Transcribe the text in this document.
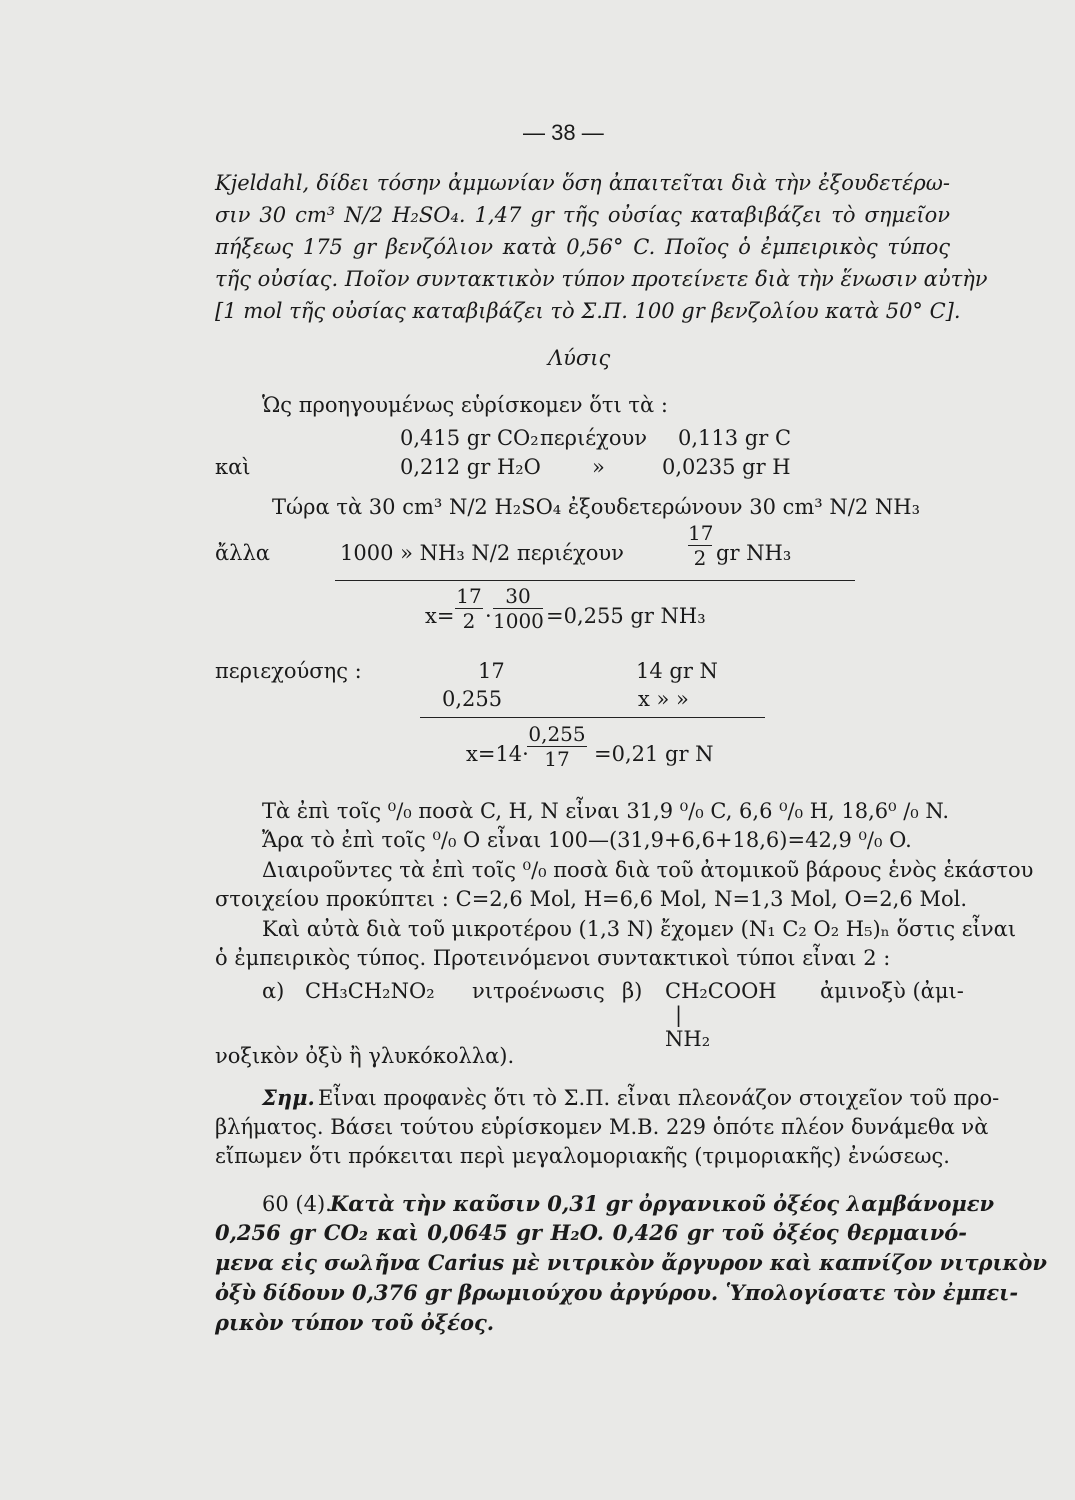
— 38 —
Kjeldahl, δίδει τόσην ἀμμωνίαν ὅση ἀπαιτεῖται διὰ τὴν ἐξουδετέρω-
σιν 30 cm³ N/2 H₂SO₄. 1,47 gr τῆς οὐσίας καταβιβάζει τὸ σημεῖον
πήξεως 175 gr βενζόλιον κατὰ 0,56° C. Ποῖος ὁ ἐμπειρικὸς τύπος
τῆς οὐσίας. Ποῖον συντακτικὸν τύπον προτείνετε διὰ τὴν ἕνωσιν αὐτὴν
[1 mol τῆς οὐσίας καταβιβάζει τὸ Σ.Π. 100 gr βενζολίου κατὰ 50° C].
Λύσις
Ὡς προηγουμένως εὑρίσκομεν ὅτι τὰ :
0,415 gr CO₂ περιέχουν 0,113 gr C
καὶ	0,212 gr H₂O »	0,0235 gr H
Τώρα τὰ 30 cm³ N/2 H₂SO₄ ἐξουδετερώνουν 30 cm³ N/2 NH₃
ἄλλα	1000 » NH₃ N/2 περιέχουν
17
2 gr NH₃
x=
17
2 ·
30
1000 =0,255 gr NH₃
περιεχούσης :	17	14 gr N
0,255	x » »
x=14·
0,255
17	=0,21 gr N
Τὰ ἐπὶ τοῖς ⁰/₀ ποσὰ C, H, N εἶναι 31,9 ⁰/₀ C, 6,6 ⁰/₀ H, 18,6⁰ /₀ N.
Ἄρα τὸ ἐπὶ τοῖς ⁰/₀ O εἶναι 100—(31,9+6,6+18,6)=42,9 ⁰/₀ O.
Διαιροῦντες τὰ ἐπὶ τοῖς ⁰/₀ ποσὰ διὰ τοῦ ἀτομικοῦ βάρους ἑνὸς ἑκάστου
στοιχείου προκύπτει : C=2,6 Mol, H=6,6 Mol, N=1,3 Mol, O=2,6 Mol.
Καὶ αὐτὰ διὰ τοῦ μικροτέρου (1,3 N) ἔχομεν (N₁ C₂ O₂ H₅)ₙ ὅστις εἶναι
ὁ ἐμπειρικὸς τύπος. Προτεινόμενοι συντακτικοὶ τύποι εἶναι 2 :
α) CH₃CH₂NO₂ νιτροένωσις β) CH₂COOH ἀμινοξὺ (ἀμι-
|
NH₂
νοξικὸν ὀξὺ ἢ γλυκόκολλα).
Σημ. Εἶναι προφανὲς ὅτι τὸ Σ.Π. εἶναι πλεονάζον στοιχεῖον τοῦ προ-
βλήματος. Βάσει τούτου εὑρίσκομεν Μ.Β. 229 ὁπότε πλέον δυνάμεθα νὰ
εἴπωμεν ὅτι πρόκειται περὶ μεγαλομοριακῆς (τριμοριακῆς) ἐνώσεως.
60 (4).
Κατὰ τὴν καῦσιν 0,31 gr ὀργανικοῦ ὀξέος λαμβάνομεν
0,256 gr CO₂ καὶ 0,0645 gr H₂O. 0,426 gr τοῦ ὀξέος θερμαινό-
μενα εἰς σωλῆνα Carius μὲ νιτρικὸν ἄργυρον καὶ καπνίζον νιτρικὸν
ὀξὺ δίδουν 0,376 gr βρωμιούχου ἀργύρου. Ὑπολογίσατε τὸν ἐμπει-
ρικὸν τύπον τοῦ ὀξέος.
